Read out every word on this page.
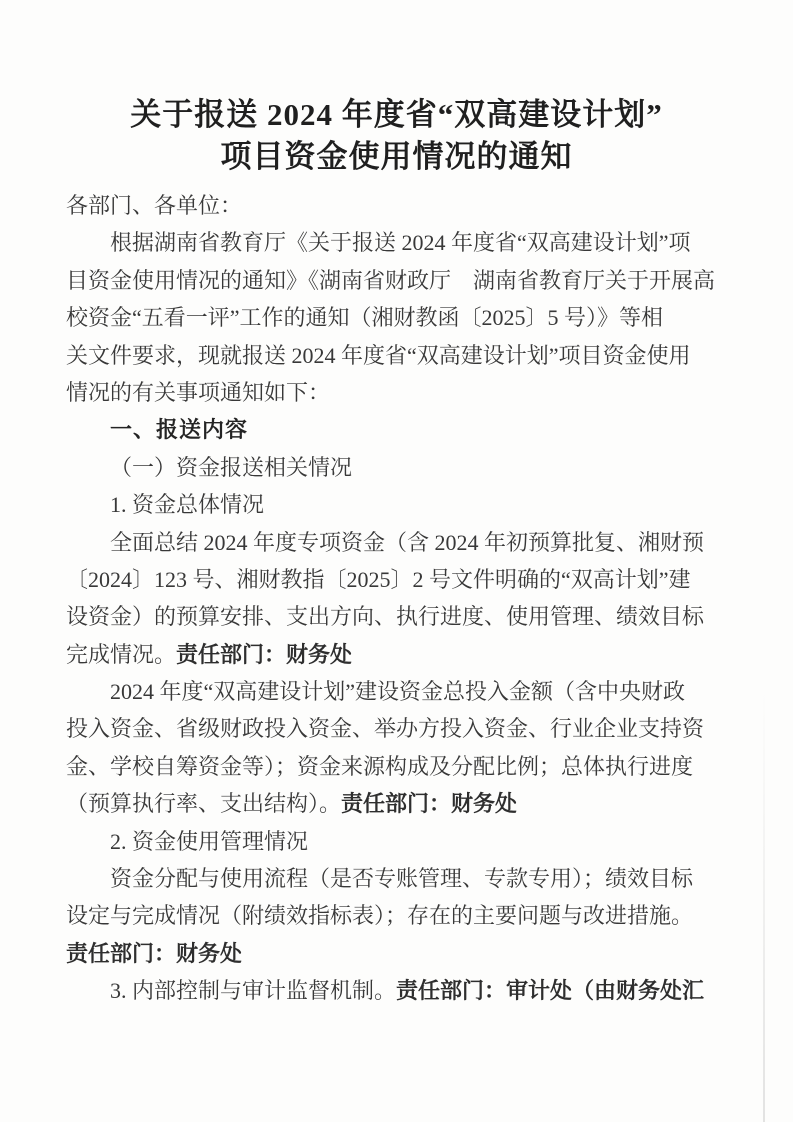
关于报送 2024 年度省“双高建设计划”
项目资金使用情况的通知
各部门、各单位：
根据湖南省教育厅《关于报送 2024 年度省“双高建设计划”项
目资金使用情况的通知》《湖南省财政厅　湖南省教育厅关于开展高
校资金“五看一评”工作的通知（湘财教函〔2025〕5 号）》等相
关文件要求，现就报送 2024 年度省“双高建设计划”项目资金使用
情况的有关事项通知如下：
一、报送内容
（一）资金报送相关情况
1. 资金总体情况
全面总结 2024 年度专项资金（含 2024 年初预算批复、湘财预
〔2024〕123 号、湘财教指〔2025〕2 号文件明确的“双高计划”建
设资金）的预算安排、支出方向、执行进度、使用管理、绩效目标
完成情况。责任部门：财务处
2024 年度“双高建设计划”建设资金总投入金额（含中央财政
投入资金、省级财政投入资金、举办方投入资金、行业企业支持资
金、学校自筹资金等）；资金来源构成及分配比例；总体执行进度
（预算执行率、支出结构）。责任部门：财务处
2. 资金使用管理情况
资金分配与使用流程（是否专账管理、专款专用）；绩效目标
设定与完成情况（附绩效指标表）；存在的主要问题与改进措施。
责任部门：财务处
3. 内部控制与审计监督机制。责任部门：审计处（由财务处汇
